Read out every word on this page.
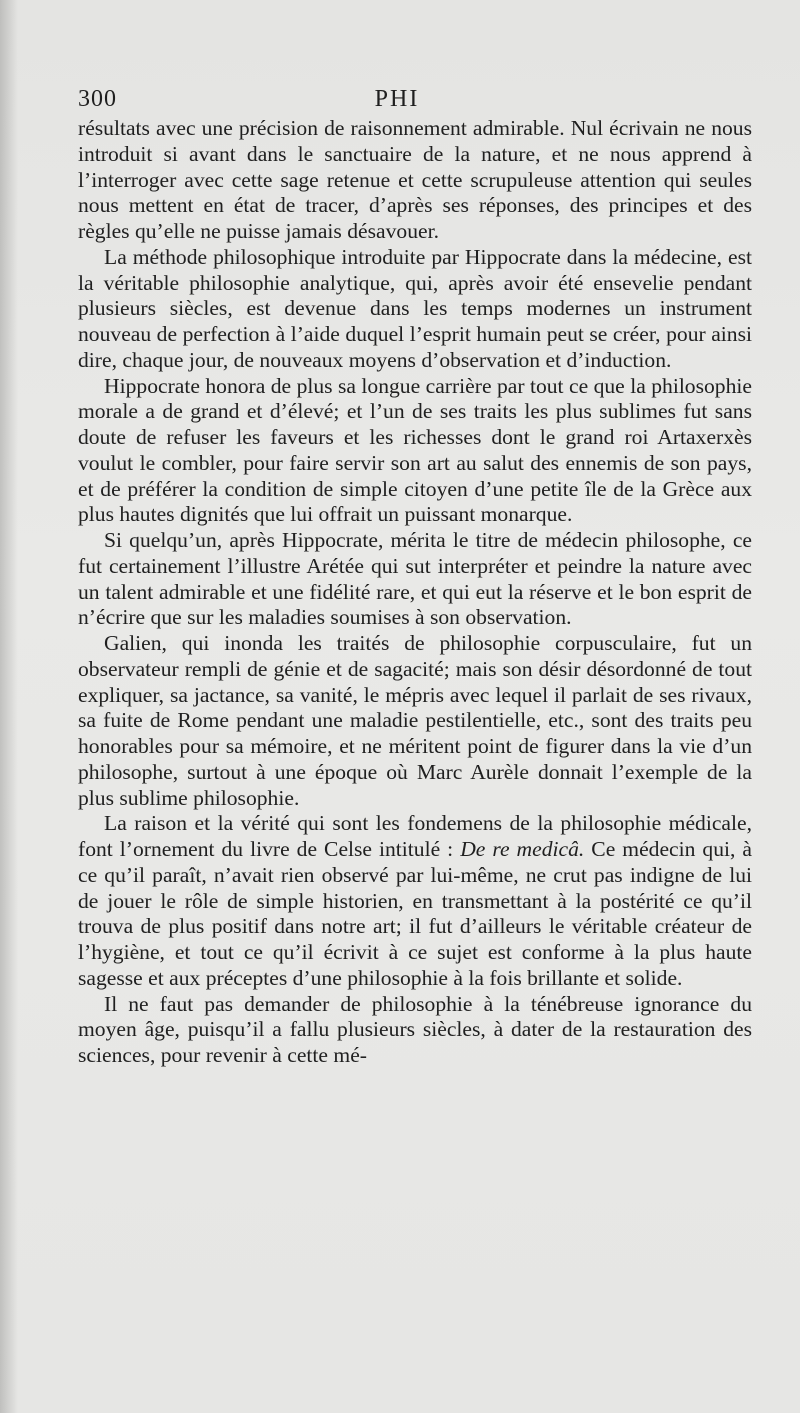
300	PHI

résultats avec une précision de raisonnement admirable. Nul écrivain ne nous introduit si avant dans le sanctuaire de la nature, et ne nous apprend à l’interroger avec cette sage retenue et cette scrupuleuse attention qui seules nous mettent en état de tracer, d’après ses réponses, des principes et des règles qu’elle ne puisse jamais désavouer.

La méthode philosophique introduite par Hippocrate dans la médecine, est la véritable philosophie analytique, qui, après avoir été ensevelie pendant plusieurs siècles, est devenue dans les temps modernes un instrument nouveau de perfection à l’aide duquel l’esprit humain peut se créer, pour ainsi dire, chaque jour, de nouveaux moyens d’observation et d’induction.

Hippocrate honora de plus sa longue carrière par tout ce que la philosophie morale a de grand et d’élevé; et l’un de ses traits les plus sublimes fut sans doute de refuser les faveurs et les richesses dont le grand roi Artaxerxès voulut le combler, pour faire servir son art au salut des ennemis de son pays, et de préférer la condition de simple citoyen d’une petite île de la Grèce aux plus hautes dignités que lui offrait un puissant monarque.

Si quelqu’un, après Hippocrate, mérita le titre de médecin philosophe, ce fut certainement l’illustre Arétée qui sut interpréter et peindre la nature avec un talent admirable et une fidélité rare, et qui eut la réserve et le bon esprit de n’écrire que sur les maladies soumises à son observation.

Galien, qui inonda les traités de philosophie corpusculaire, fut un observateur rempli de génie et de sagacité; mais son désir désordonné de tout expliquer, sa jactance, sa vanité, le mépris avec lequel il parlait de ses rivaux, sa fuite de Rome pendant une maladie pestilentielle, etc., sont des traits peu honorables pour sa mémoire, et ne méritent point de figurer dans la vie d’un philosophe, surtout à une époque où Marc Aurèle donnait l’exemple de la plus sublime philosophie.

La raison et la vérité qui sont les fondemens de la philosophie médicale, font l’ornement du livre de Celse intitulé : De re medicâ. Ce médecin qui, à ce qu’il paraît, n’avait rien observé par lui-même, ne crut pas indigne de lui de jouer le rôle de simple historien, en transmettant à la postérité ce qu’il trouva de plus positif dans notre art; il fut d’ailleurs le véritable créateur de l’hygiène, et tout ce qu’il écrivit à ce sujet est conforme à la plus haute sagesse et aux préceptes d’une philosophie à la fois brillante et solide.

Il ne faut pas demander de philosophie à la ténébreuse ignorance du moyen âge, puisqu’il a fallu plusieurs siècles, à dater de la restauration des sciences, pour revenir à cette mé-
